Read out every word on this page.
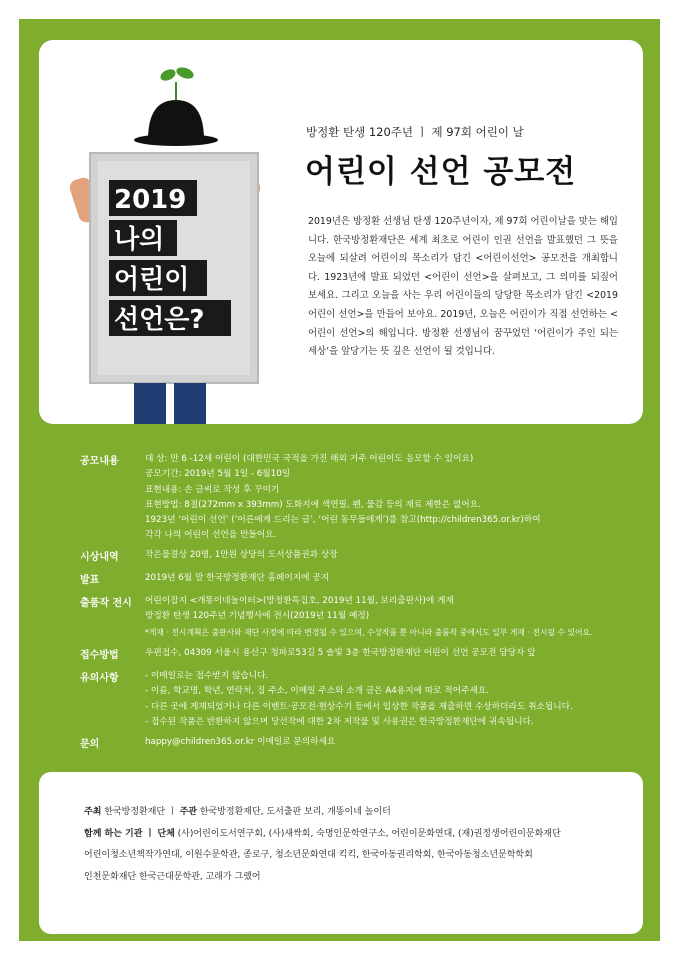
2019
나의
어린이
선언은?
방정환 탄생 120주년 ㅣ 제 97회 어린이 날
어린이 선언 공모전
2019년은 방정환 선생님 탄생 120주년이자, 제 97회 어린이날을 맞는 해입니다. 한국방정환재단은 세계 최초로 어린이 인권 선언을 발표했던 그 뜻을 오늘에 되살려 어린이의 목소리가 담긴 <어린이선언> 공모전을 개최합니다. 1923년에 발표 되었던 <어린이 선언>을 살펴보고, 그 의미를 되짚어 보세요. 그리고 오늘을 사는 우리 어린이들의 당당한 목소리가 담긴 <2019 어린이 선언>을 만들어 보아요. 2019년, 오늘은 어린이가 직접 선언하는 <어린이 선언>의 해입니다. 방정환 선생님이 꿈꾸었던 ‘어린이가 주인 되는 세상’을 앞당기는 뜻 깊은 선언이 될 것입니다.
공모내용	대 상: 만 6 -12세 어린이 (대한민국 국적을 가진 해외 거주 어린이도 응모할 수 있어요)
공모기간: 2019년 5월 1일 - 6월10일
표현내용: 손 글씨로 작성 후 꾸미기
표현방법: 8절(272mm x 393mm) 도화지에 색연필, 펜, 물감 등의 재료 제한은 없어요.
1923년 ‘어린이 선언’ (‘어른에게 드리는 글’, ‘어린 동무들에게’)를 참고(http://children365.or.kr)하여
각각 나의 어린이 선언을 만들어요.
시상내역	작은물결상 20명, 1만원 상당의 도서상품권과 상장
발표	2019년 6월 말 한국방정환재단 홈페이지에 공지
출품작 전시 어린이잡지 <개똥이네놀이터>(방정환특집호, 2019년 11월, 보리출판사)에 게재
방정환 탄생 120주년 기념행사에 전시(2019년 11월 예정)
*게재 · 전시계획은 출판사와 재단 사정에 따라 변경될 수 있으며, 수상작품 뿐 아니라 출품작 중에서도 일부 게재 · 전시될 수 있어요.
접수방법	우편접수, 04309 서울시 용산구 청파로53길 5 솔빛 3층 한국방정환재단 어린이 선언 공모전 담당자 앞
유의사항	- 이메일로는 접수받지 않습니다.
- 이름, 학교명, 학년, 연락처, 집 주소, 이메일 주소와 소개 글은 A4용지에 따로 적어주세요.
- 다른 곳에 게재되었거나 다른 이벤트·공모전·현상수기 등에서 입상한 작품을 제출하면 수상하더라도 취소됩니다.
- 접수된 작품은 반환하지 않으며 당선작에 대한 2차 저작물 및 사용권은 한국방정환재단에 귀속됩니다.
문의	happy@children365.or.kr 이메일로 문의하세요
주최 한국방정환재단 ㅣ 주관 한국방정환재단, 도서출판 보리, 개똥이네 놀이터
함께 하는 기관 ㅣ 단체 (사)어린이도서연구회, (사)새싹회, 숙명인문학연구소, 어린이문화연대, (재)권정생어린이문화재단
어린이청소년책작가연대, 이원수문학관, 종로구, 청소년문화연대 킥킥, 한국아동권리학회, 한국아동청소년문학학회
인천문화재단 한국근대문학관, 고래가 그랬어
